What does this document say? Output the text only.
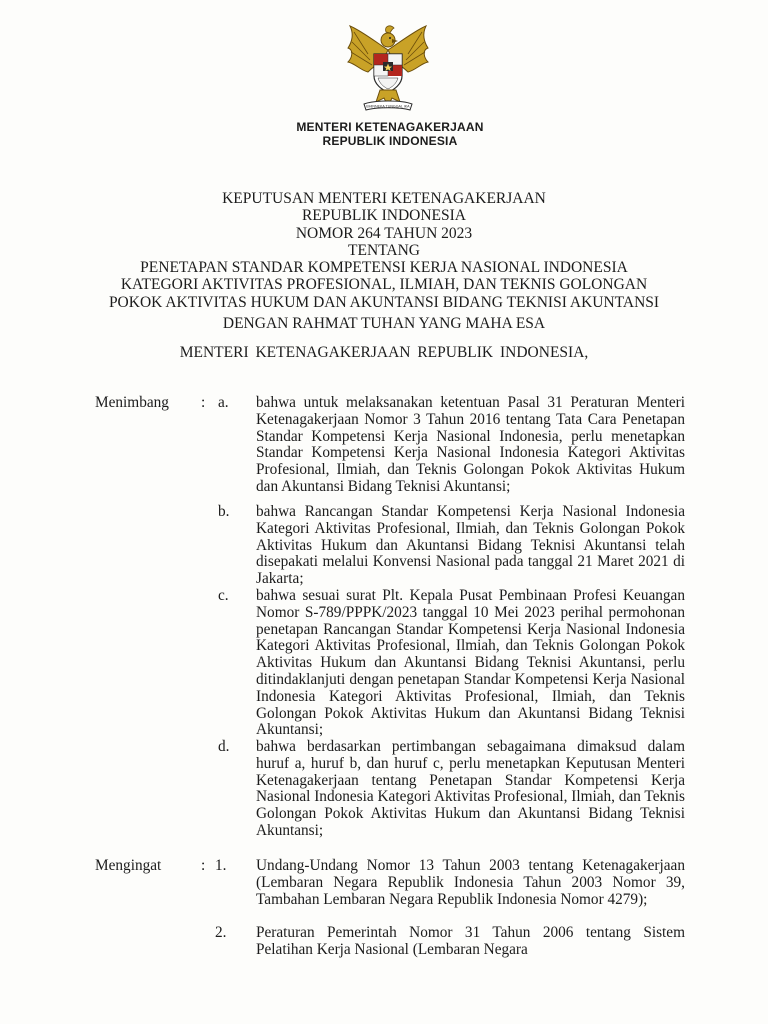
BHINNEKA TUNGGAL IKA
MENTERI KETENAGAKERJAAN
REPUBLIK INDONESIA
KEPUTUSAN MENTERI KETENAGAKERJAAN
REPUBLIK INDONESIA
NOMOR 264 TAHUN 2023
TENTANG
PENETAPAN STANDAR KOMPETENSI KERJA NASIONAL INDONESIA
KATEGORI AKTIVITAS PROFESIONAL, ILMIAH, DAN TEKNIS GOLONGAN
POKOK AKTIVITAS HUKUM DAN AKUNTANSI BIDANG TEKNISI AKUNTANSI
DENGAN RAHMAT TUHAN YANG MAHA ESA
MENTERI KETENAGAKERJAAN REPUBLIK INDONESIA,
Menimbang : a. bahwa untuk melaksanakan ketentuan Pasal 31 Peraturan Menteri Ketenagakerjaan Nomor 3 Tahun 2016 tentang Tata Cara Penetapan Standar Kompetensi Kerja Nasional Indonesia, perlu menetapkan Standar Kompetensi Kerja Nasional Indonesia Kategori Aktivitas Profesional, Ilmiah, dan Teknis Golongan Pokok Aktivitas Hukum dan Akuntansi Bidang Teknisi Akuntansi;
b. bahwa Rancangan Standar Kompetensi Kerja Nasional Indonesia Kategori Aktivitas Profesional, Ilmiah, dan Teknis Golongan Pokok Aktivitas Hukum dan Akuntansi Bidang Teknisi Akuntansi telah disepakati melalui Konvensi Nasional pada tanggal 21 Maret 2021 di Jakarta;
c. bahwa sesuai surat Plt. Kepala Pusat Pembinaan Profesi Keuangan Nomor S-789/PPPK/2023 tanggal 10 Mei 2023 perihal permohonan penetapan Rancangan Standar Kompetensi Kerja Nasional Indonesia Kategori Aktivitas Profesional, Ilmiah, dan Teknis Golongan Pokok Aktivitas Hukum dan Akuntansi Bidang Teknisi Akuntansi, perlu ditindaklanjuti dengan penetapan Standar Kompetensi Kerja Nasional Indonesia Kategori Aktivitas Profesional, Ilmiah, dan Teknis Golongan Pokok Aktivitas Hukum dan Akuntansi Bidang Teknisi Akuntansi;
d. bahwa berdasarkan pertimbangan sebagaimana dimaksud dalam huruf a, huruf b, dan huruf c, perlu menetapkan Keputusan Menteri Ketenagakerjaan tentang Penetapan Standar Kompetensi Kerja Nasional Indonesia Kategori Aktivitas Profesional, Ilmiah, dan Teknis Golongan Pokok Aktivitas Hukum dan Akuntansi Bidang Teknisi Akuntansi;
Mengingat	: 1. Undang-Undang Nomor 13 Tahun 2003 tentang Ketenagakerjaan (Lembaran Negara Republik Indonesia Tahun 2003 Nomor 39, Tambahan Lembaran Negara Republik Indonesia Nomor 4279);
2. Peraturan Pemerintah Nomor 31 Tahun 2006 tentang Sistem Pelatihan Kerja Nasional (Lembaran Negara
